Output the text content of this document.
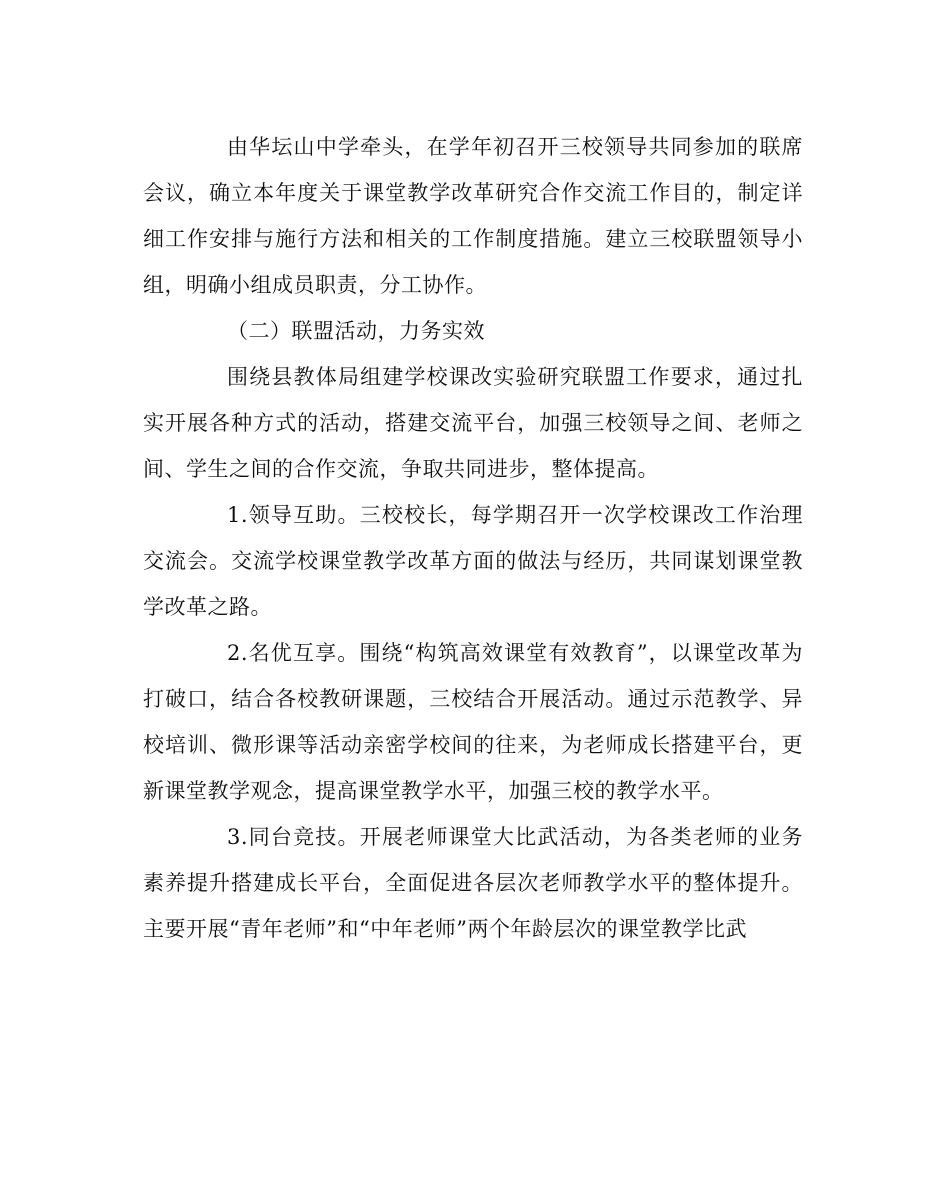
由华坛山中学牵头，在学年初召开三校领导共同参加的联席会议，确立本年度关于课堂教学改革研究合作交流工作目的，制定详细工作安排与施行方法和相关的工作制度措施。建立三校联盟领导小组，明确小组成员职责，分工协作。

（二）联盟活动，力务实效

围绕县教体局组建学校课改实验研究联盟工作要求，通过扎实开展各种方式的活动，搭建交流平台，加强三校领导之间、老师之间、学生之间的合作交流，争取共同进步，整体提高。

1.领导互助。三校校长，每学期召开一次学校课改工作治理交流会。交流学校课堂教学改革方面的做法与经历，共同谋划课堂教学改革之路。

2.名优互享。围绕“构筑高效课堂有效教育”，以课堂改革为打破口，结合各校教研课题，三校结合开展活动。通过示范教学、异校培训、微形课等活动亲密学校间的往来，为老师成长搭建平台，更新课堂教学观念，提高课堂教学水平，加强三校的教学水平。

3.同台竞技。开展老师课堂大比武活动，为各类老师的业务素养提升搭建成长平台，全面促进各层次老师教学水平的整体提升。主要开展“青年老师”和“中年老师”两个年龄层次的课堂教学比武
